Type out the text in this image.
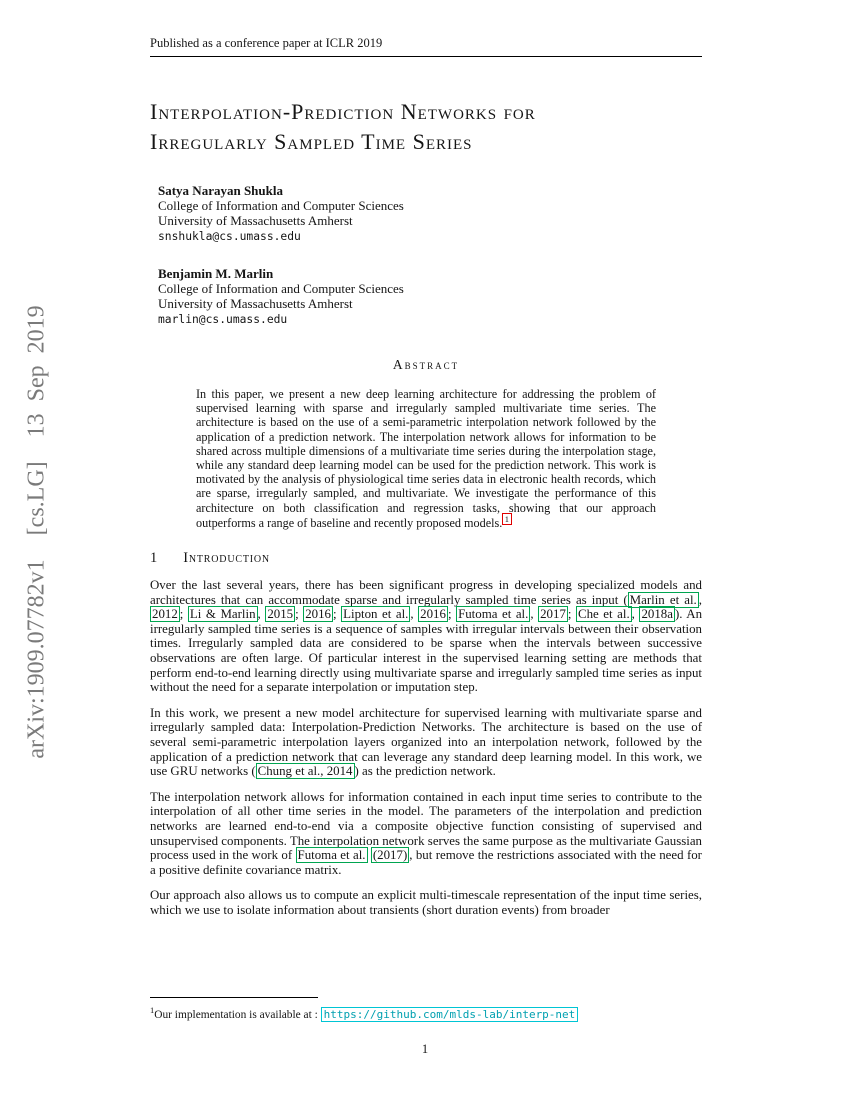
arXiv:1909.07782v1  [cs.LG]  13 Sep 2019
Published as a conference paper at ICLR 2019
Interpolation-Prediction Networks for
Irregularly Sampled Time Series
Satya Narayan Shukla
College of Information and Computer Sciences
University of Massachusetts Amherst
snshukla@cs.umass.edu
Benjamin M. Marlin
College of Information and Computer Sciences
University of Massachusetts Amherst
marlin@cs.umass.edu
Abstract
In this paper, we present a new deep learning architecture for addressing the problem of supervised learning with sparse and irregularly sampled multivariate time series. The architecture is based on the use of a semi-parametric interpolation network followed by the application of a prediction network. The interpolation network allows for information to be shared across multiple dimensions of a multivariate time series during the interpolation stage, while any standard deep learning model can be used for the prediction network. This work is motivated by the analysis of physiological time series data in electronic health records, which are sparse, irregularly sampled, and multivariate. We investigate the performance of this architecture on both classification and regression tasks, showing that our approach outperforms a range of baseline and recently proposed models. $^1$
1 Introduction

Over the last several years, there has been significant progress in developing specialized models and architectures that can accommodate sparse and irregularly sampled time series as input ( Marlin et al. , 2012 ; Li & Marlin , 2015 ; 2016 ; Lipton et al. , 2016 ; Futoma et al. , 2017 ; Che et al. , 2018a ). An irregularly sampled time series is a sequence of samples with irregular intervals between their observation times. Irregularly sampled data are considered to be sparse when the intervals between successive observations are often large. Of particular interest in the supervised learning setting are methods that perform end-to-end learning directly using multivariate sparse and irregularly sampled time series as input without the need for a separate interpolation or imputation step.

In this work, we present a new model architecture for supervised learning with multivariate sparse and irregularly sampled data: Interpolation-Prediction Networks. The architecture is based on the use of several semi-parametric interpolation layers organized into an interpolation network, followed by the application of a prediction network that can leverage any standard deep learning model. In this work, we use GRU networks ( Chung et al., 2014 ) as the prediction network.

The interpolation network allows for information contained in each input time series to contribute to the interpolation of all other time series in the model. The parameters of the interpolation and prediction networks are learned end-to-end via a composite objective function consisting of supervised and unsupervised components. The interpolation network serves the same purpose as the multivariate Gaussian process used in the work of Futoma et al. (2017) , but remove the restrictions associated with the need for a positive definite covariance matrix.

Our approach also allows us to compute an explicit multi-timescale representation of the input time series, which we use to isolate information about transients (short duration events) from broader

$^1$Our implementation is available at : https://github.com/mlds-lab/interp-net
1
